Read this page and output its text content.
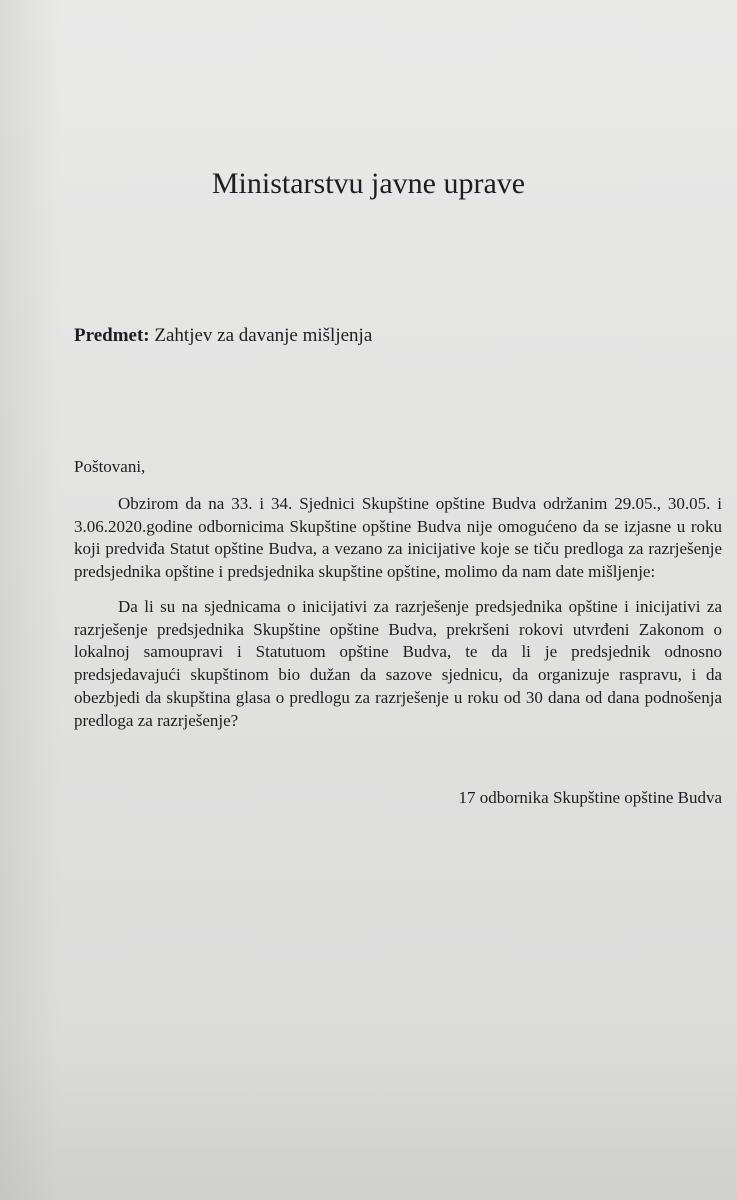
Ministarstvu javne uprave

Predmet: Zahtjev za davanje mišljenja

Poštovani,

Obzirom da na 33. i 34. Sjednici Skupštine opštine Budva održanim 29.05., 30.05. i 3.06.2020.godine odbornicima Skupštine opštine Budva nije omogućeno da se izjasne u roku koji predviđa Statut opštine Budva, a vezano za inicijative koje se tiču predloga za razrješenje predsjednika opštine i predsjednika skupštine opštine, molimo da nam date mišljenje:

Da li su na sjednicama o inicijativi za razrješenje predsjednika opštine i inicijativi za razrješenje predsjednika Skupštine opštine Budva, prekršeni rokovi utvrđeni Zakonom o lokalnoj samoupravi i Statutuom opštine Budva, te da li je predsjednik odnosno predsjedavajući skupštinom bio dužan da sazove sjednicu, da organizuje raspravu, i da obezbjedi da skupština glasa o predlogu za razrješenje u roku od 30 dana od dana podnošenja predloga za razrješenje?

17 odbornika Skupštine opštine Budva
